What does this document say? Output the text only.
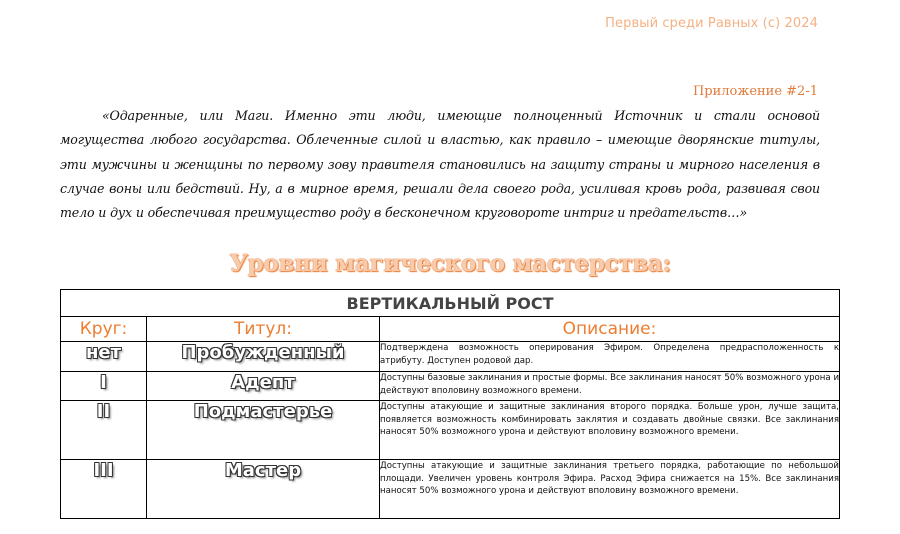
Первый среди Равных (с) 2024
Приложение #2-1
«Одаренные, или Маги. Именно эти люди, имеющие полноценный Источник и стали основой могущества любого государства. Облеченные силой и властью, как правило – имеющие дворянские титулы, эти мужчины и женщины по первому зову правителя становились на защиту страны и мирного населения в случае воны или бедствий. Ну, а в мирное время, решали дела своего рода, усиливая кровь рода, развивая свои тело и дух и обеспечивая преимущество роду в бесконечном круговороте интриг и предательств…»
Уровни магического мастерства:
ВЕРТИКАЛЬНЫЙ РОСТ		
Круг:	Титул:	Описание:
нет	Пробужденный	Подтверждена возможность оперирования Эфиром. Определена предрасположенность к атрибуту. Доступен родовой дар.
I	Адепт	Доступны базовые заклинания и простые формы. Все заклинания наносят 50% возможного урона и действуют вполовину возможного времени.
II	Подмастерье	Доступны атакующие и защитные заклинания второго порядка. Больше урон, лучше защита, появляется возможность комбинировать заклятия и создавать двойные связки. Все заклинания наносят 50% возможного урона и действуют вполовину возможного времени.
III	Мастер	Доступны атакующие и защитные заклинания третьего порядка, работающие по небольшой площади. Увеличен уровень контроля Эфира. Расход Эфира снижается на 15%. Все заклинания наносят 50% возможного урона и действуют вполовину возможного времени.
